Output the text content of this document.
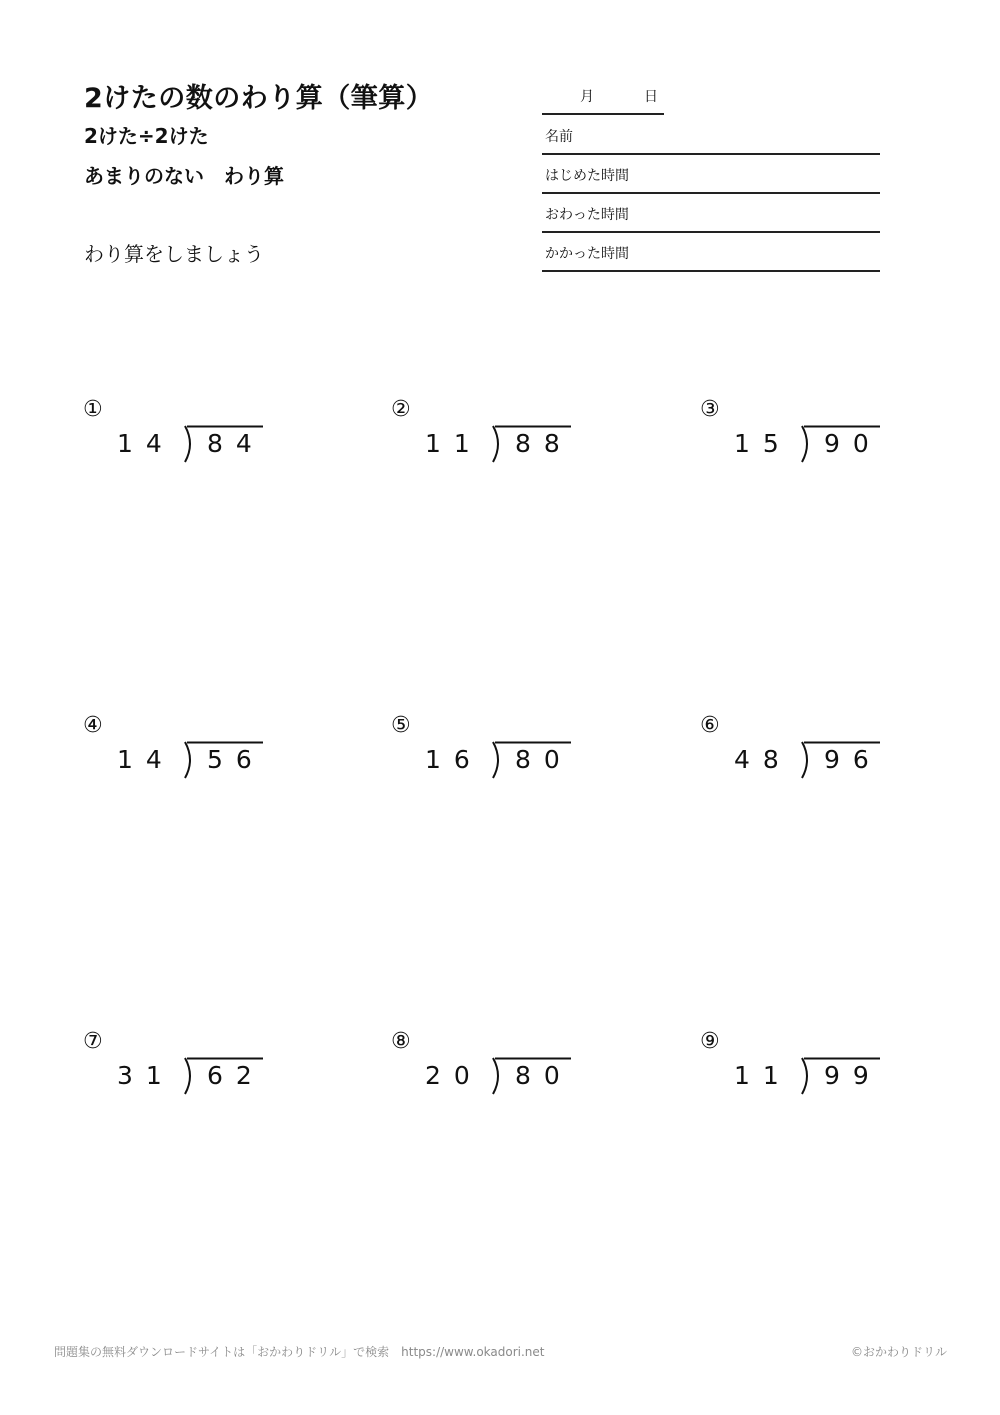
2けたの数のわり算（筆算）
2けた÷2けた
あまりのない　わり算
わり算をしましょう
月	日
名前
はじめた時間
おわった時間
かかった時間
①
14 84
②
11 88
③
15 90
④
14 56
⑤
16 80
⑥
48 96
⑦
31 62
⑧
20 80
⑨
11 99
問題集の無料ダウンロードサイトは「おかわりドリル」で検索　https://www.okadori.net	©おかわりドリル
